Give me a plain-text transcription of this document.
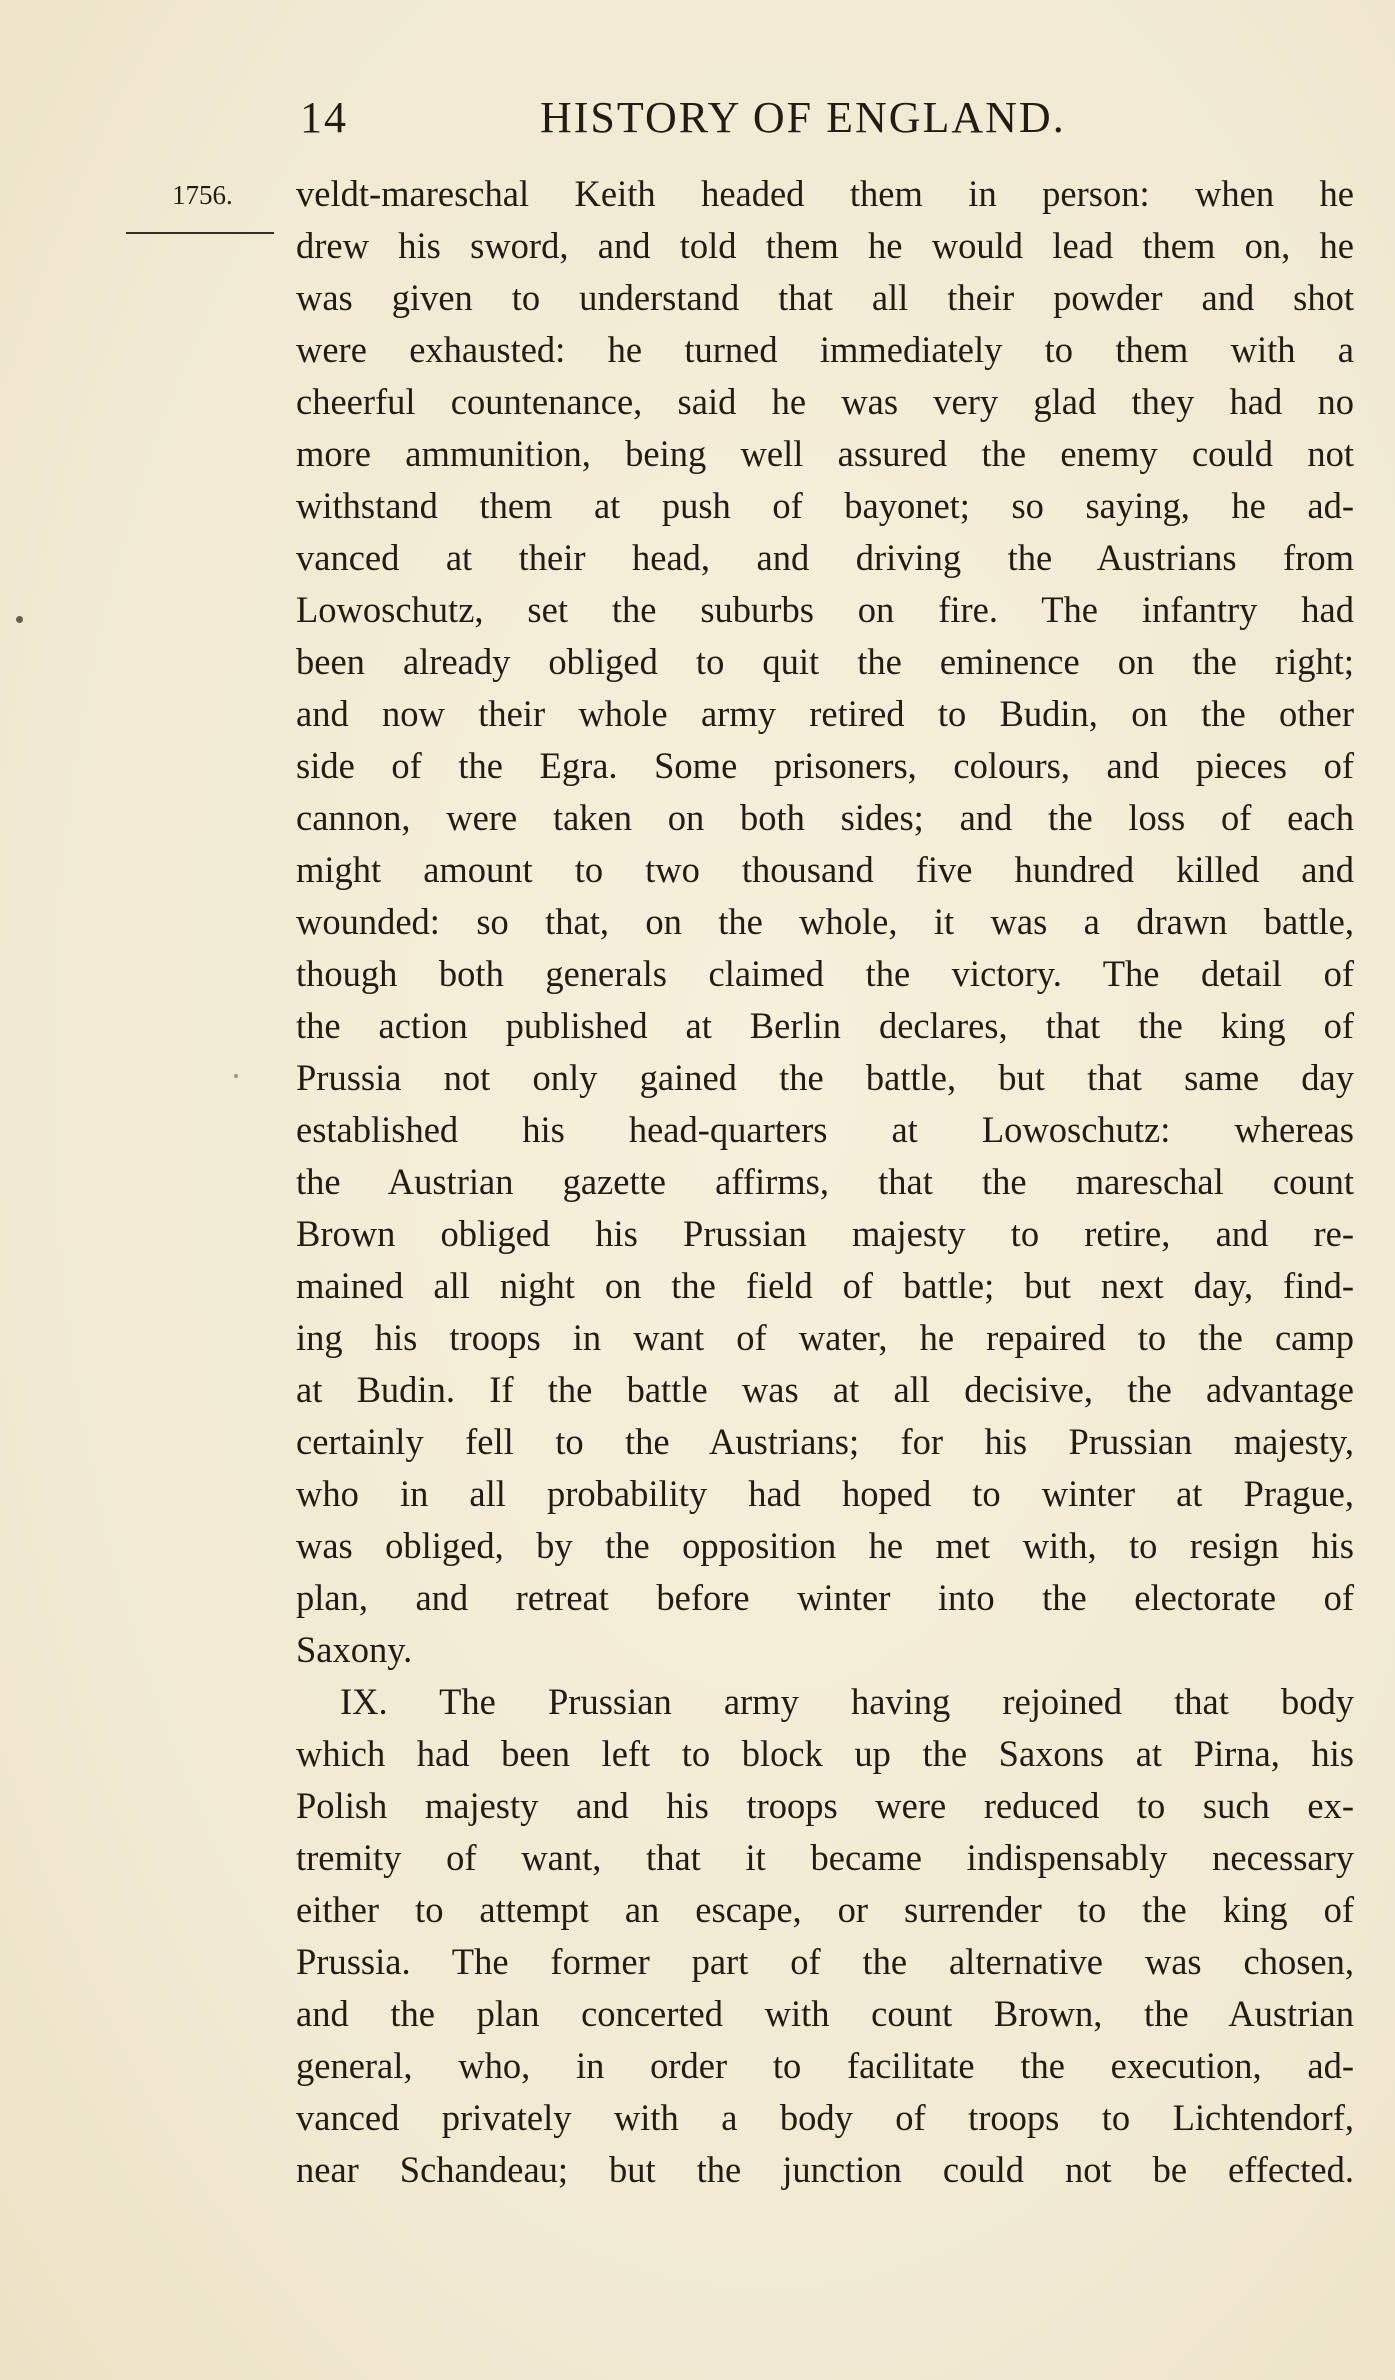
14	HISTORY OF ENGLAND.
1756. veldt-mareschal Keith headed them in person: when he
drew his sword, and told them he would lead them on, he
was given to understand that all their powder and shot
were exhausted: he turned immediately to them with a
cheerful countenance, said he was very glad they had no
more ammunition, being well assured the enemy could not
withstand them at push of bayonet; so saying, he ad-
vanced at their head, and driving the Austrians from
Lowoschutz, set the suburbs on fire. The infantry had
been already obliged to quit the eminence on the right;
and now their whole army retired to Budin, on the other
side of the Egra. Some prisoners, colours, and pieces of
cannon, were taken on both sides; and the loss of each
might amount to two thousand five hundred killed and
wounded: so that, on the whole, it was a drawn battle,
though both generals claimed the victory. The detail of
the action published at Berlin declares, that the king of
Prussia not only gained the battle, but that same day
established his head-quarters at Lowoschutz: whereas
the Austrian gazette affirms, that the mareschal count
Brown obliged his Prussian majesty to retire, and re-
mained all night on the field of battle; but next day, find-
ing his troops in want of water, he repaired to the camp
at Budin. If the battle was at all decisive, the advantage
certainly fell to the Austrians; for his Prussian majesty,
who in all probability had hoped to winter at Prague,
was obliged, by the opposition he met with, to resign his
plan, and retreat before winter into the electorate of
Saxony.
IX. The Prussian army having rejoined that body
which had been left to block up the Saxons at Pirna, his
Polish majesty and his troops were reduced to such ex-
tremity of want, that it became indispensably necessary
either to attempt an escape, or surrender to the king of
Prussia. The former part of the alternative was chosen,
and the plan concerted with count Brown, the Austrian
general, who, in order to facilitate the execution, ad-
vanced privately with a body of troops to Lichtendorf,
near Schandeau; but the junction could not be effected.
